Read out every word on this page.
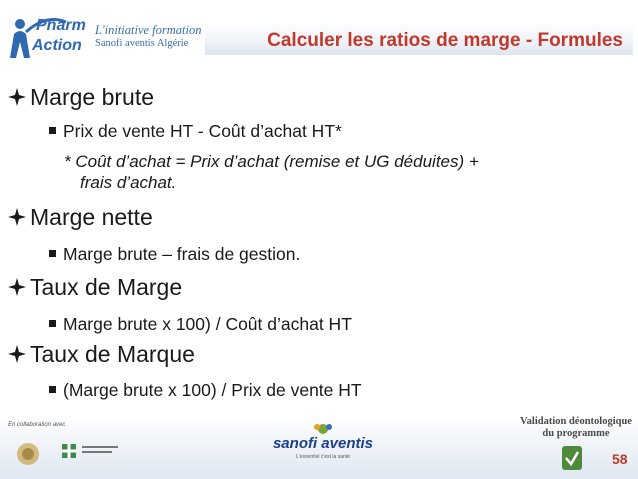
Pharm
Action
L'initiative formation
Sanofi aventis Algérie	Calculer les ratios de marge - Formules
Marge brute
Prix de vente HT - Coût d’achat HT*
* Coût d’achat = Prix d’achat (remise et UG déduites) +
frais d’achat.
Marge nette
Marge brute – frais de gestion.
Taux de Marge
Marge brute x 100) / Coût d’achat HT
Taux de Marque
(Marge brute x 100) / Prix de vente HT
En collaboration avec
sanofi aventis
L'essentiel c'est la santé
Validation déontologique
du programme
58
